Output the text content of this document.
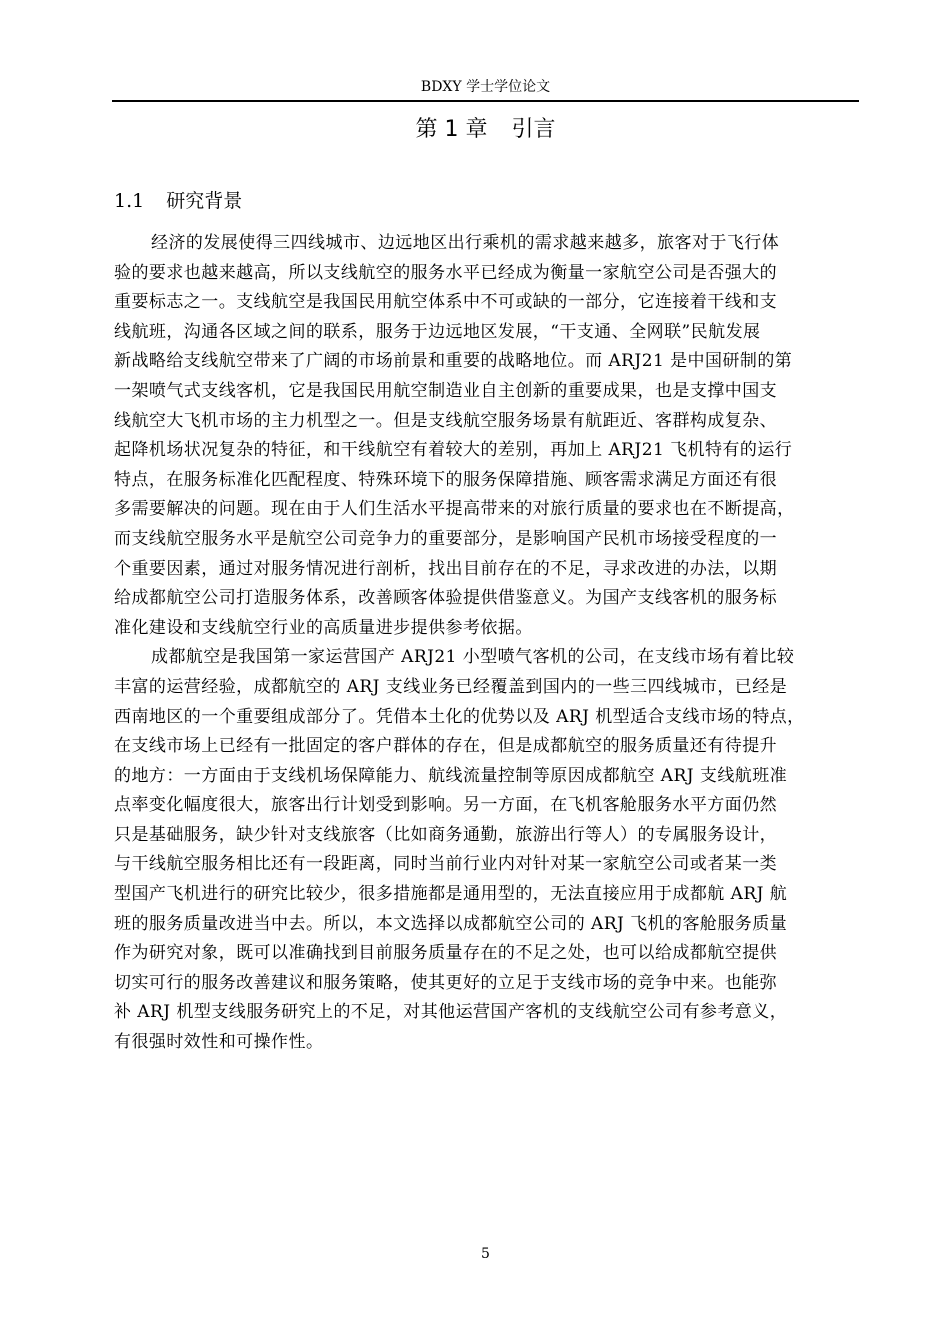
BDXY 学士学位论文
第 1 章 引言
1.1 研究背景
经济的发展使得三四线城市、边远地区出行乘机的需求越来越多，旅客对于飞行体
验的要求也越来越高，所以支线航空的服务水平已经成为衡量一家航空公司是否强大的
重要标志之一。支线航空是我国民用航空体系中不可或缺的一部分，它连接着干线和支
线航班，沟通各区域之间的联系，服务于边远地区发展，“干支通、全网联”民航发展
新战略给支线航空带来了广阔的市场前景和重要的战略地位。而 ARJ21 是中国研制的第
一架喷气式支线客机，它是我国民用航空制造业自主创新的重要成果，也是支撑中国支
线航空大飞机市场的主力机型之一。但是支线航空服务场景有航距近、客群构成复杂、
起降机场状况复杂的特征，和干线航空有着较大的差别，再加上 ARJ21 飞机特有的运行
特点，在服务标准化匹配程度、特殊环境下的服务保障措施、顾客需求满足方面还有很
多需要解决的问题。现在由于人们生活水平提高带来的对旅行质量的要求也在不断提高，
而支线航空服务水平是航空公司竞争力的重要部分，是影响国产民机市场接受程度的一
个重要因素，通过对服务情况进行剖析，找出目前存在的不足，寻求改进的办法，以期
给成都航空公司打造服务体系，改善顾客体验提供借鉴意义。为国产支线客机的服务标
准化建设和支线航空行业的高质量进步提供参考依据。
成都航空是我国第一家运营国产 ARJ21 小型喷气客机的公司，在支线市场有着比较
丰富的运营经验，成都航空的 ARJ 支线业务已经覆盖到国内的一些三四线城市，已经是
西南地区的一个重要组成部分了。凭借本土化的优势以及 ARJ 机型适合支线市场的特点，
在支线市场上已经有一批固定的客户群体的存在，但是成都航空的服务质量还有待提升
的地方：一方面由于支线机场保障能力、航线流量控制等原因成都航空 ARJ 支线航班准
点率变化幅度很大，旅客出行计划受到影响。另一方面，在飞机客舱服务水平方面仍然
只是基础服务，缺少针对支线旅客（比如商务通勤，旅游出行等人）的专属服务设计，
与干线航空服务相比还有一段距离，同时当前行业内对针对某一家航空公司或者某一类
型国产飞机进行的研究比较少，很多措施都是通用型的，无法直接应用于成都航 ARJ 航
班的服务质量改进当中去。所以，本文选择以成都航空公司的 ARJ 飞机的客舱服务质量
作为研究对象，既可以准确找到目前服务质量存在的不足之处，也可以给成都航空提供
切实可行的服务改善建议和服务策略，使其更好的立足于支线市场的竞争中来。也能弥
补 ARJ 机型支线服务研究上的不足，对其他运营国产客机的支线航空公司有参考意义，
有很强时效性和可操作性。
5
